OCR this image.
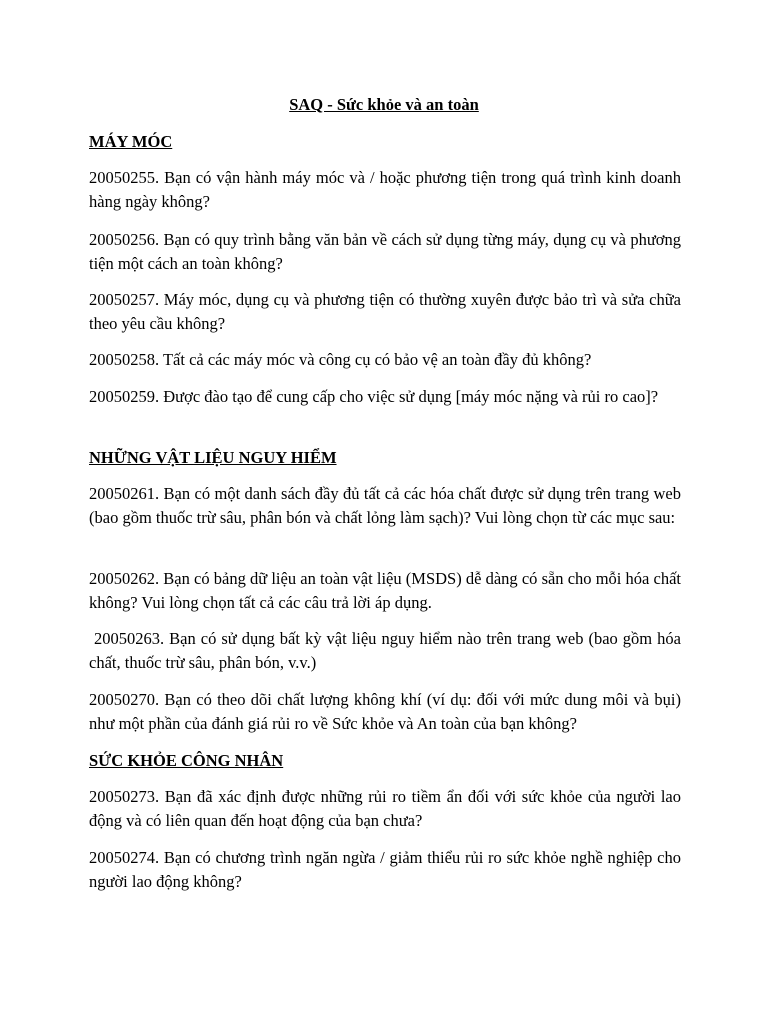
SAQ - Sức khỏe và an toàn
MÁY MÓC
20050255. Bạn có vận hành máy móc và / hoặc phương tiện trong quá trình kinh doanh hàng ngày không?
20050256. Bạn có quy trình bằng văn bản về cách sử dụng từng máy, dụng cụ và phương tiện một cách an toàn không?
20050257. Máy móc, dụng cụ và phương tiện có thường xuyên được bảo trì và sửa chữa theo yêu cầu không?
20050258. Tất cả các máy móc và công cụ có bảo vệ an toàn đầy đủ không?
20050259. Được đào tạo để cung cấp cho việc sử dụng [máy móc nặng và rủi ro cao]?
NHỮNG VẬT LIỆU NGUY HIỂM
20050261. Bạn có một danh sách đầy đủ tất cả các hóa chất được sử dụng trên trang web (bao gồm thuốc trừ sâu, phân bón và chất lỏng làm sạch)? Vui lòng chọn từ các mục sau:
20050262. Bạn có bảng dữ liệu an toàn vật liệu (MSDS) dễ dàng có sẵn cho mỗi hóa chất không? Vui lòng chọn tất cả các câu trả lời áp dụng.
20050263. Bạn có sử dụng bất kỳ vật liệu nguy hiểm nào trên trang web (bao gồm hóa chất, thuốc trừ sâu, phân bón, v.v.)
20050270. Bạn có theo dõi chất lượng không khí (ví dụ: đối với mức dung môi và bụi) như một phần của đánh giá rủi ro về Sức khỏe và An toàn của bạn không?
SỨC KHỎE CÔNG NHÂN
20050273. Bạn đã xác định được những rủi ro tiềm ẩn đối với sức khỏe của người lao động và có liên quan đến hoạt động của bạn chưa?
20050274. Bạn có chương trình ngăn ngừa / giảm thiểu rủi ro sức khỏe nghề nghiệp cho người lao động không?
